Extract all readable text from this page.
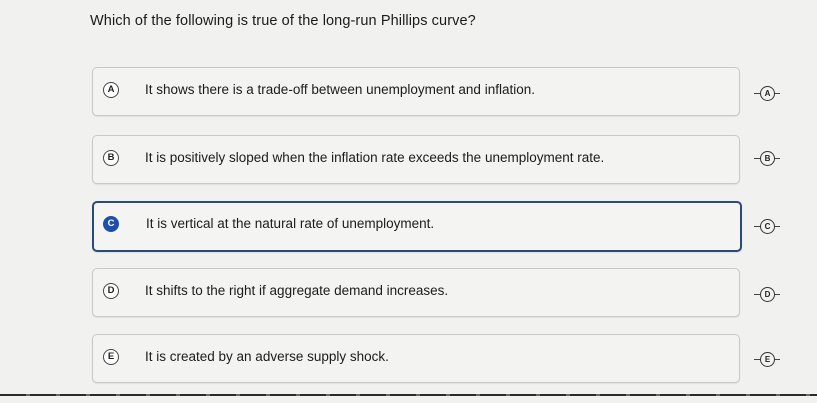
Which of the following is true of the long-run Phillips curve?
A	It shows there is a trade-off between unemployment and inflation.	A
B	It is positively sloped when the inflation rate exceeds the unemployment rate.	B
C	It is vertical at the natural rate of unemployment.	C
D	It shifts to the right if aggregate demand increases.	D
E	It is created by an adverse supply shock.	E
